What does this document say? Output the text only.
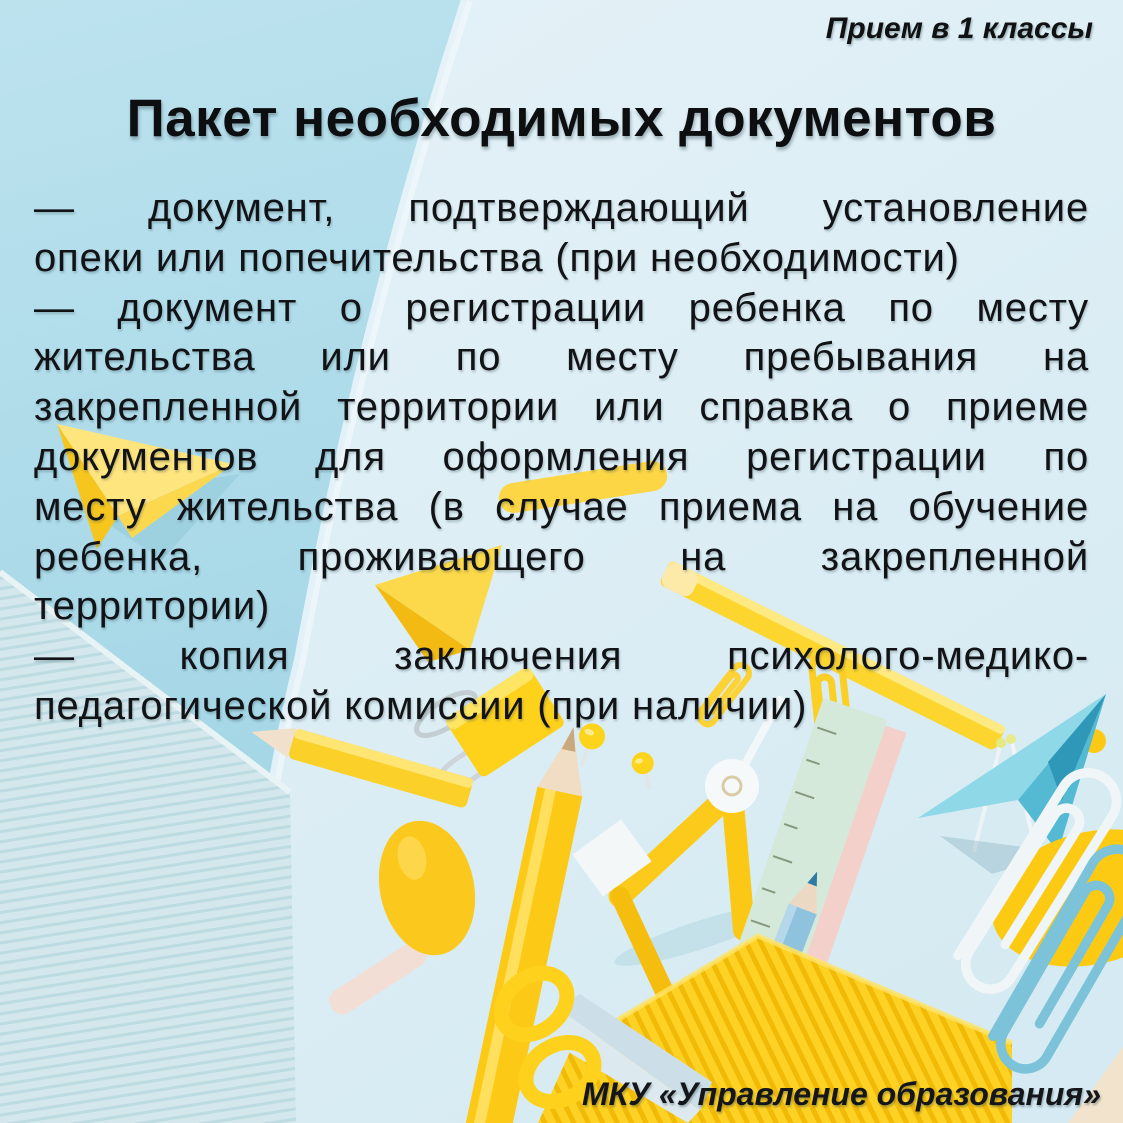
Прием в 1 классы
Пакет необходимых документов
— документ, подтверждающий установление
опеки или попечительства (при необходимости)
— документ о регистрации ребенка по месту
жительства или по месту пребывания на
закрепленной территории или справка о приеме
документов для оформления регистрации по
месту жительства (в случае приема на обучение
ребенка, проживающего на закрепленной
территории)
— копия заключения психолого-медико-
педагогической комиссии (при наличии)
МКУ «Управление образования»
